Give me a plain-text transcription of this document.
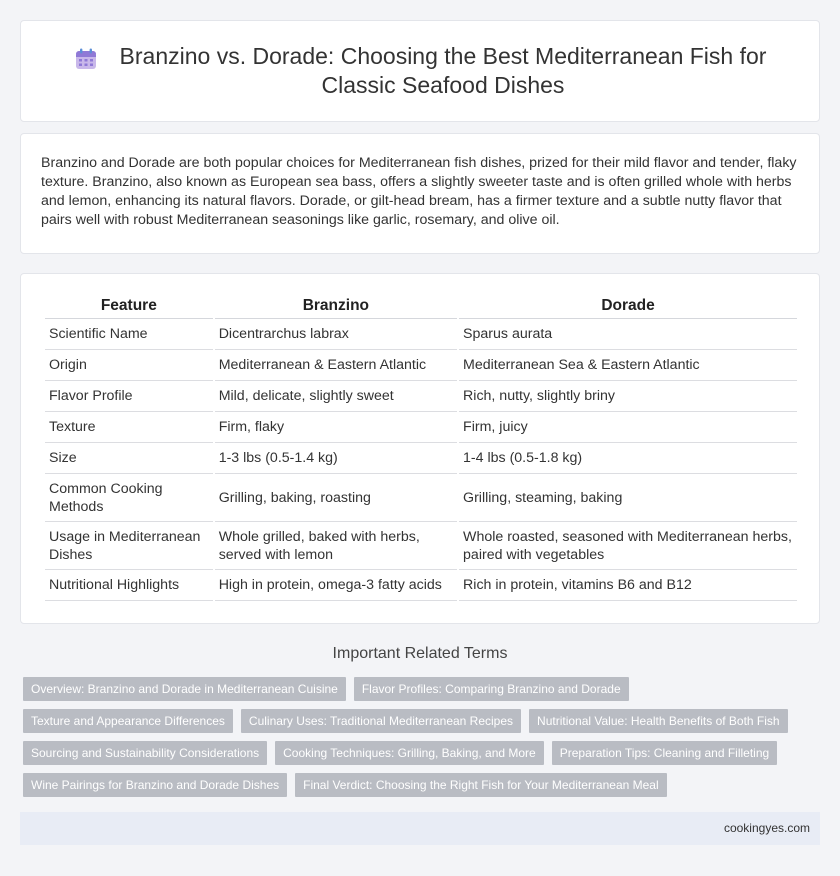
Branzino vs. Dorade: Choosing the Best Mediterranean Fish for
Classic Seafood Dishes

Branzino and Dorade are both popular choices for Mediterranean fish dishes, prized for their mild flavor and tender, flaky texture. Branzino, also known as European sea bass, offers a slightly sweeter taste and is often grilled whole with herbs and lemon, enhancing its natural flavors. Dorade, or gilt-head bream, has a firmer texture and a subtle nutty flavor that pairs well with robust Mediterranean seasonings like garlic, rosemary, and olive oil.

Feature	Branzino	Dorade
Scientific Name	Dicentrarchus labrax	Sparus aurata
Origin	Mediterranean & Eastern Atlantic	Mediterranean Sea & Eastern Atlantic
Flavor Profile	Mild, delicate, slightly sweet	Rich, nutty, slightly briny
Texture	Firm, flaky	Firm, juicy
Size	1-3 lbs (0.5-1.4 kg)	1-4 lbs (0.5-1.8 kg)
Common Cooking Methods	Grilling, baking, roasting	Grilling, steaming, baking
Usage in Mediterranean Dishes	Whole grilled, baked with herbs, served with lemon	Whole roasted, seasoned with Mediterranean herbs, paired with vegetables
Nutritional Highlights	High in protein, omega-3 fatty acids	Rich in protein, vitamins B6 and B12
Important Related Terms
Overview: Branzino and Dorade in Mediterranean Cuisine	Flavor Profiles: Comparing Branzino and Dorade
Texture and Appearance Differences	Culinary Uses: Traditional Mediterranean Recipes	Nutritional Value: Health Benefits of Both Fish
Sourcing and Sustainability Considerations	Cooking Techniques: Grilling, Baking, and More	Preparation Tips: Cleaning and Filleting
Wine Pairings for Branzino and Dorade Dishes	Final Verdict: Choosing the Right Fish for Your Mediterranean Meal
cookingyes.com
